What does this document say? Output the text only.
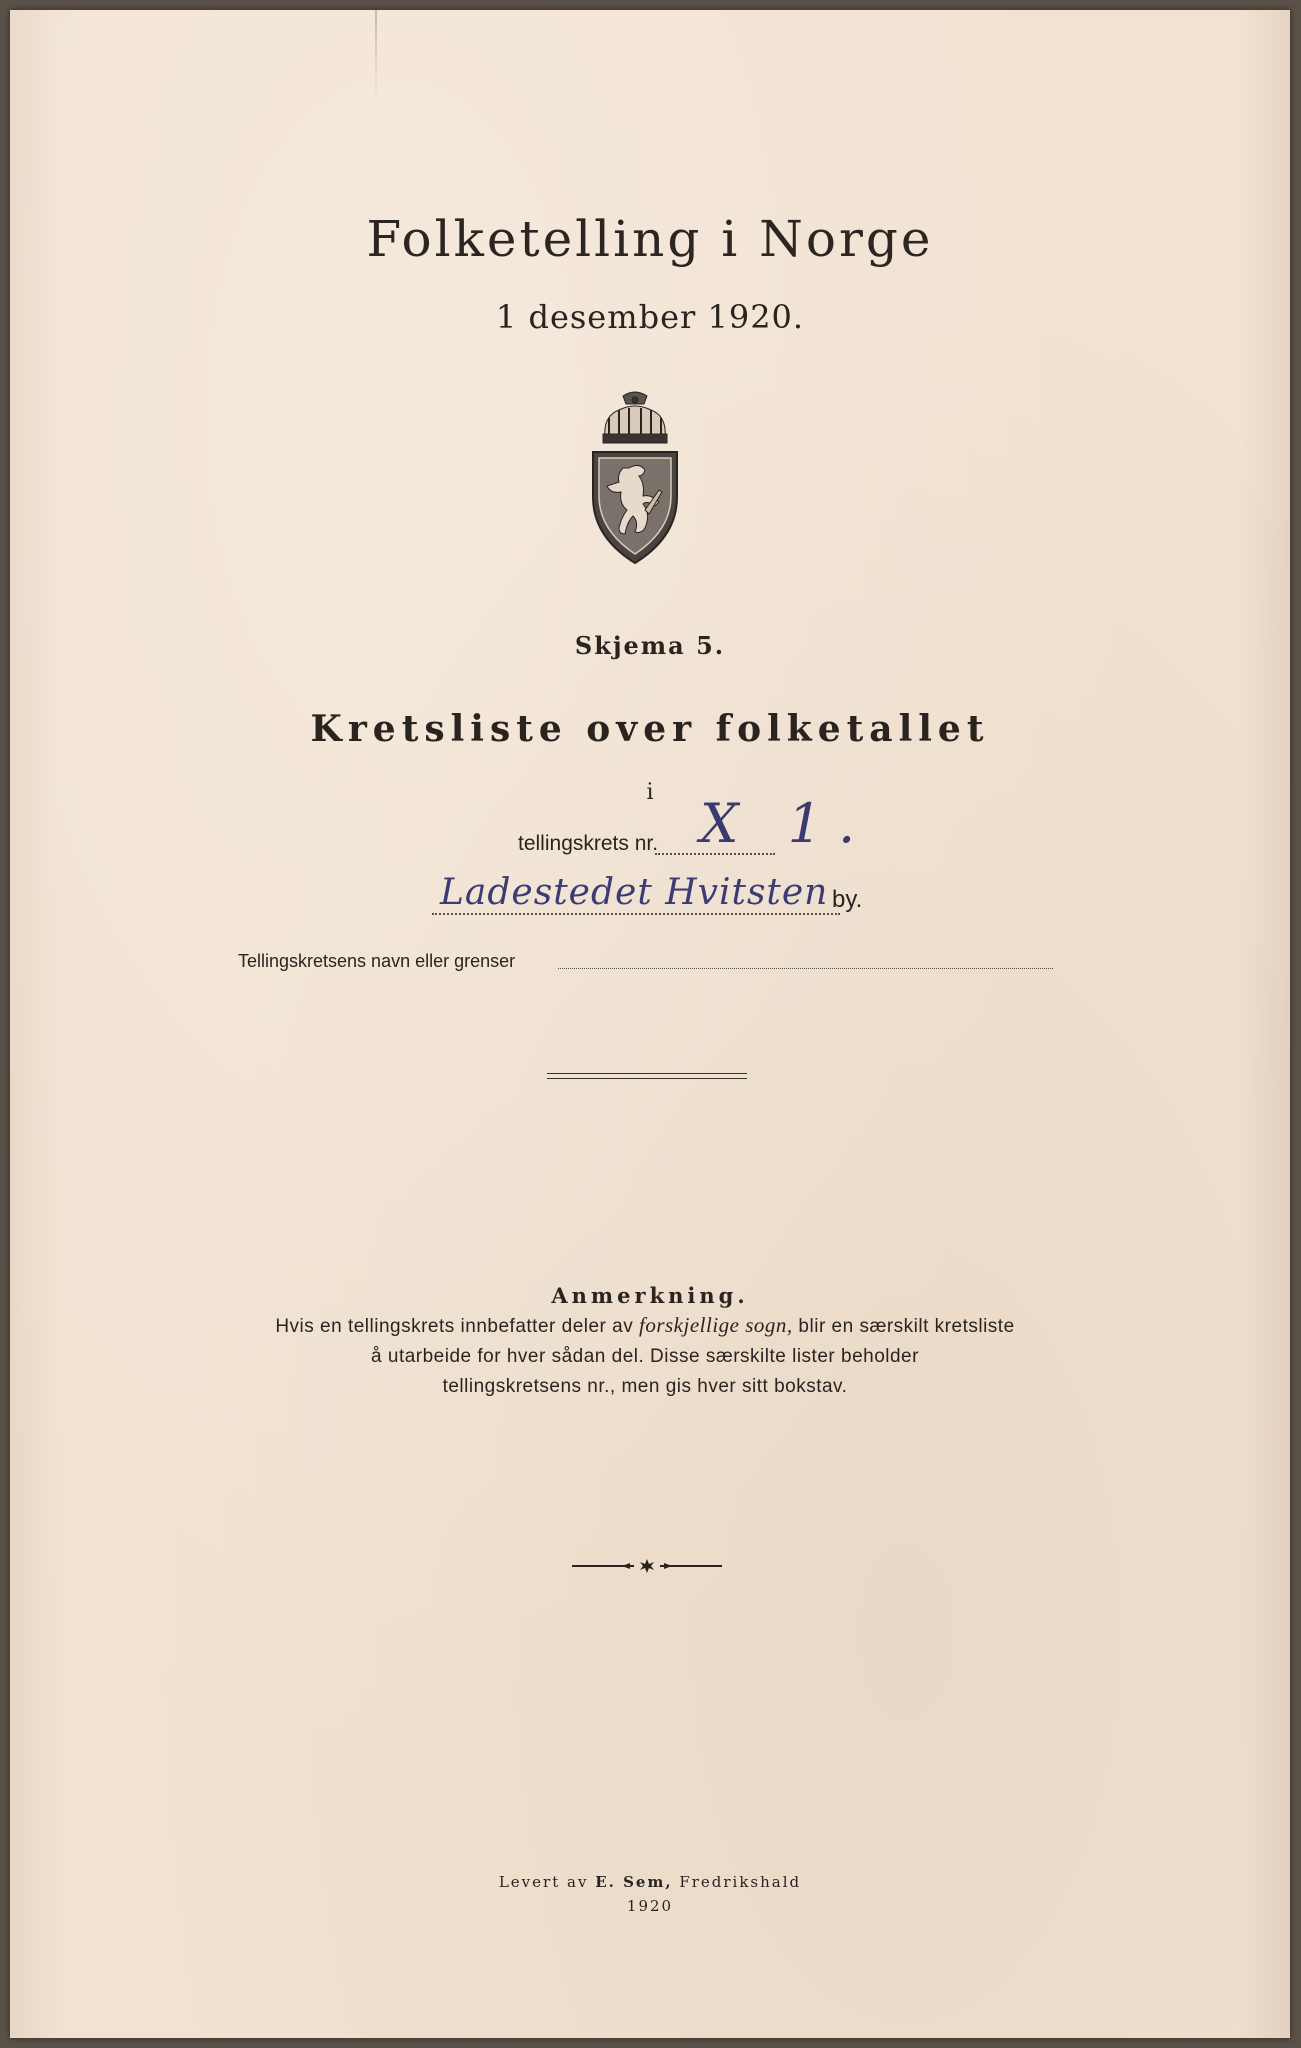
Folketelling i Norge
1 desember 1920.
Skjema 5.
Kretsliste over folketallet
i
tellingskrets nr. X 1.
Ladestedet Hvitsten by.
Tellingskretsens navn eller grenser
Anmerkning.
Hvis en tellingskrets innbefatter deler av forskjellige sogn, blir en særskilt kretsliste
å utarbeide for hver sådan del. Disse særskilte lister beholder
tellingskretsens nr., men gis hver sitt bokstav.
Levert av E. Sem, Fredrikshald
1920
